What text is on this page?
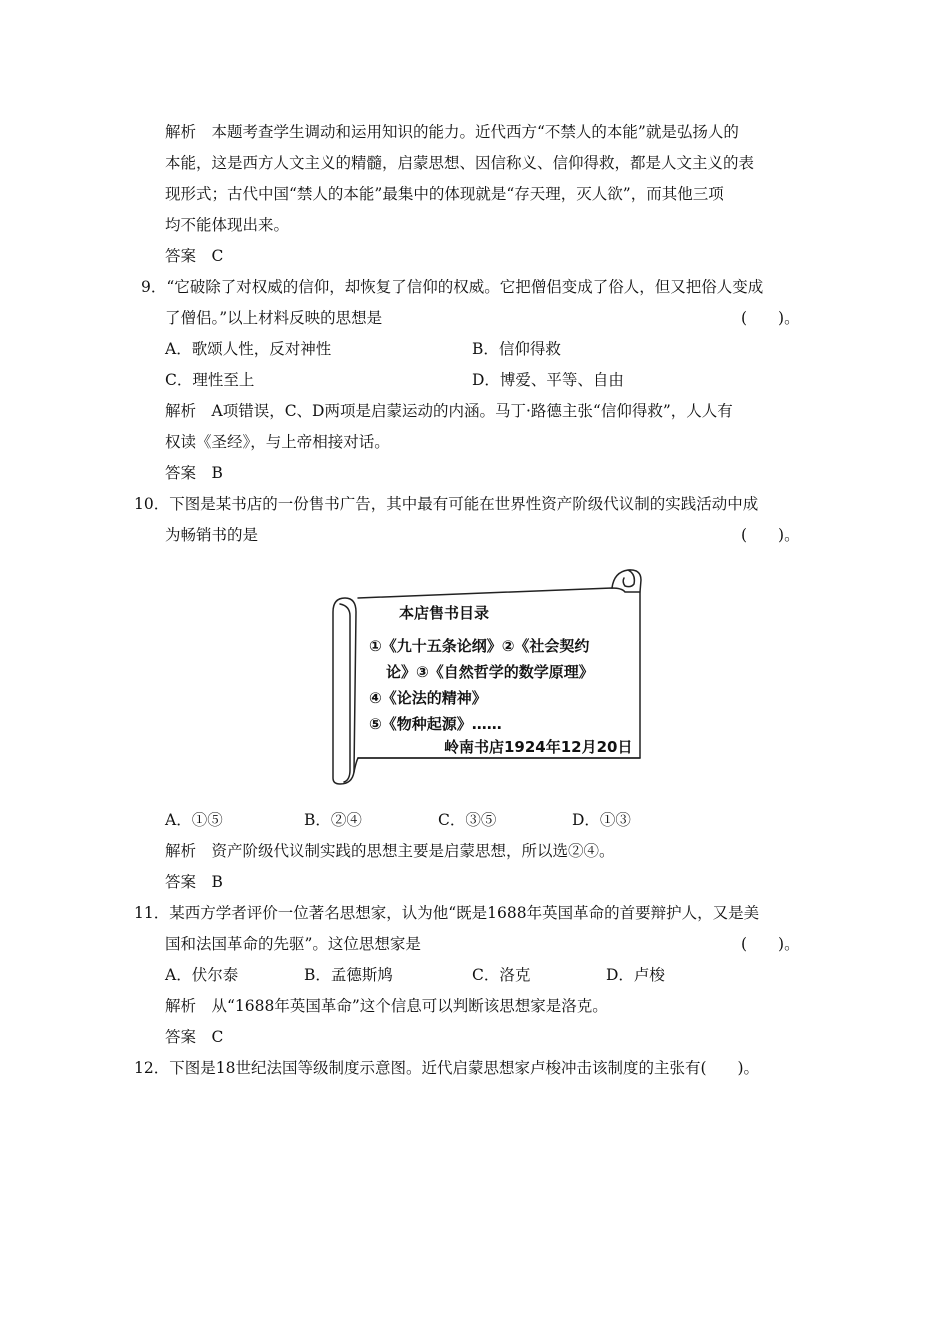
解析　本题考查学生调动和运用知识的能力。近代西方“不禁人的本能”就是弘扬人的
本能，这是西方人文主义的精髓，启蒙思想、因信称义、信仰得救，都是人文主义的表
现形式；古代中国“禁人的本能”最集中的体现就是“存天理，灭人欲”，而其他三项
均不能体现出来。
答案　C
9．“它破除了对权威的信仰，却恢复了信仰的权威。它把僧侣变成了俗人，但又把俗人变成
了僧侣。”以上材料反映的思想是	(　　)。
A．歌颂人性，反对神性	B．信仰得救
C．理性至上	D．博爱、平等、自由
解析　A项错误，C、D两项是启蒙运动的内涵。马丁·路德主张“信仰得救”，人人有
权读《圣经》，与上帝相接对话。
答案　B
10．下图是某书店的一份售书广告，其中最有可能在世界性资产阶级代议制的实践活动中成
为畅销书的是	(　　)。
本店售书目录
①《九十五条论纲》②《社会契约
论》③《自然哲学的数学原理》
④《论法的精神》
⑤《物种起源》……
岭南书店1924年12月20日
A．①⑤	B．②④	C．③⑤	D．①③
解析　资产阶级代议制实践的思想主要是启蒙思想，所以选②④。
答案　B
11．某西方学者评价一位著名思想家，认为他“既是1688年英国革命的首要辩护人，又是美
国和法国革命的先驱”。这位思想家是	(　　)。
A．伏尔泰	B．孟德斯鸠	C．洛克	D．卢梭
解析　从“1688年英国革命”这个信息可以判断该思想家是洛克。
答案　C
12．下图是18世纪法国等级制度示意图。近代启蒙思想家卢梭冲击该制度的主张有(　　)。
